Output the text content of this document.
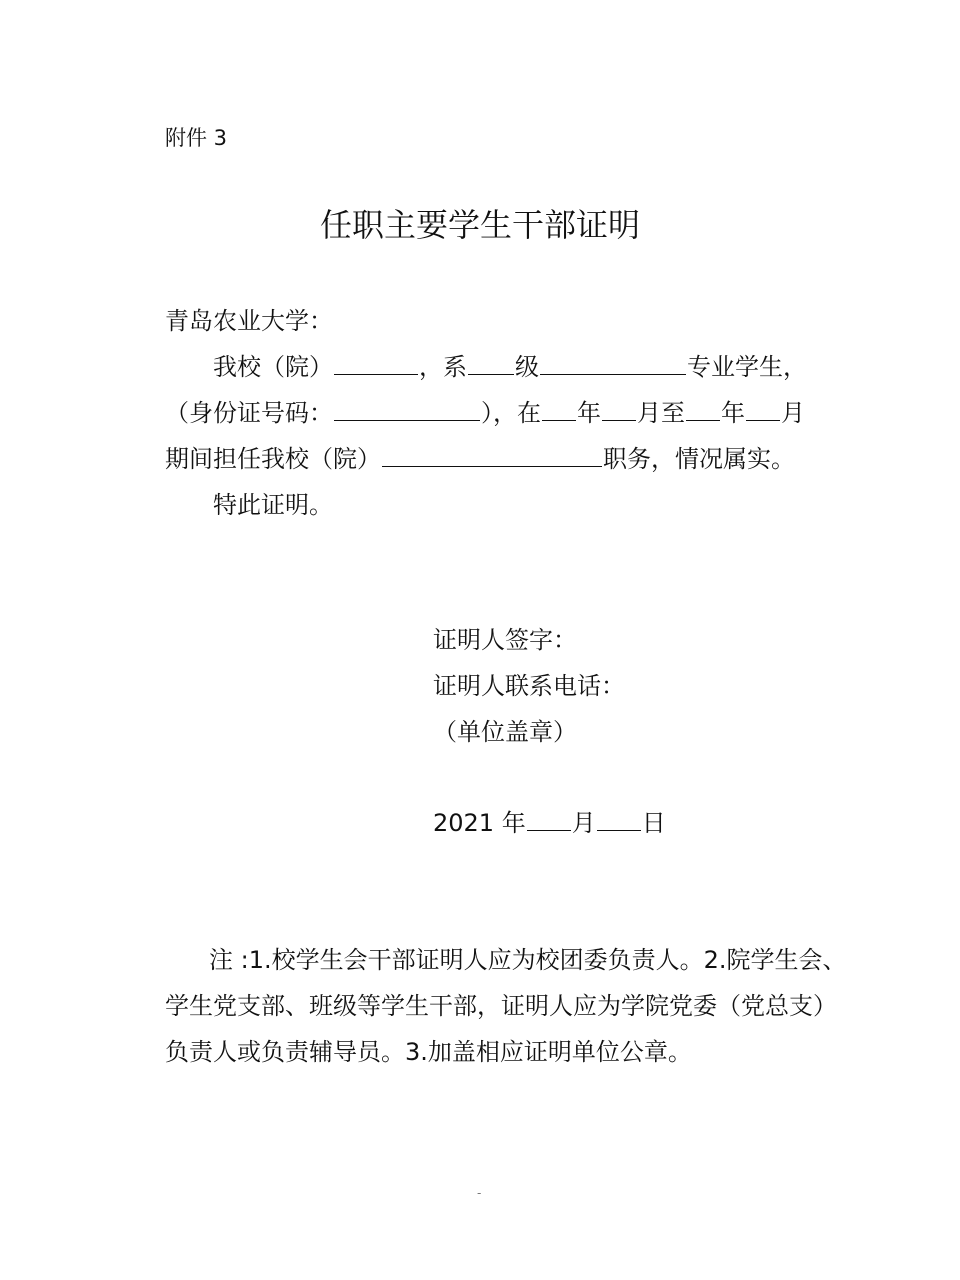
附件 3
任职主要学生干部证明
青岛农业大学：
我校（院）	，系 级	专业学生，
（身份证号码：	），在 年 月至 年 月
期间担任我校（院）	职务，情况属实。
特此证明。
证明人签字：
证明人联系电话：
（单位盖章）
2021 年 月 日
注 :1.校学生会干部证明人应为校团委负责人。2.院学生会、
学生党支部、班级等学生干部，证明人应为学院党委（党总支）
负责人或负责辅导员。3.加盖相应证明单位公章。
-
